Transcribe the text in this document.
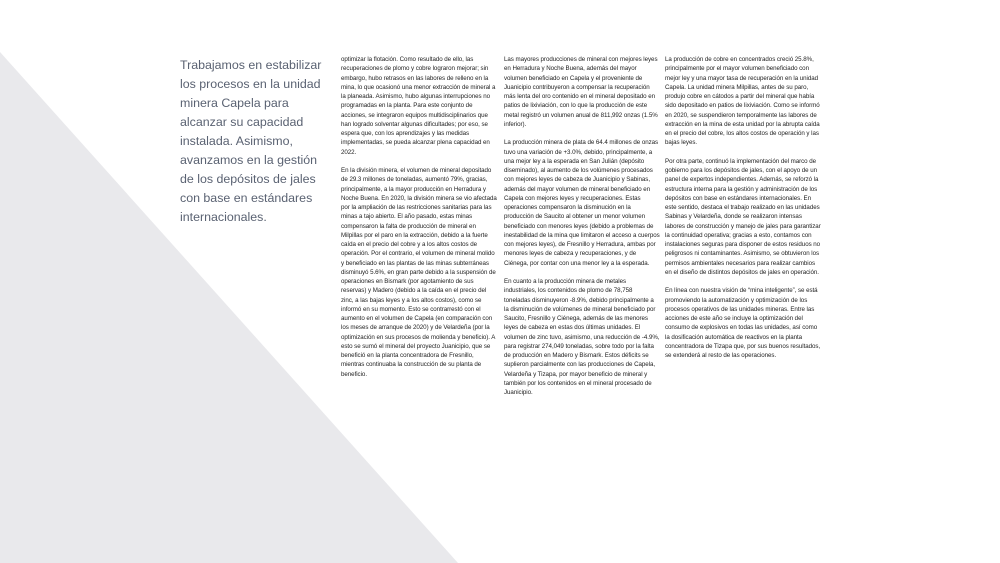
Trabajamos en estabilizar los procesos en la unidad minera Capela para alcanzar su capacidad instalada. Asimismo, avanzamos en la gestión de los depósitos de jales con base en estándares internacionales.

optimizar la flotación. Como resultado de ello, las recuperaciones de plomo y cobre lograron mejorar; sin embargo, hubo retrasos en las labores de relleno en la mina, lo que ocasionó una menor extracción de mineral a la planeada. Asimismo, hubo algunas interrupciones no programadas en la planta. Para este conjunto de acciones, se integraron equipos multidisciplinarios que han logrado solventar algunas dificultades; por eso, se espera que, con los aprendizajes y las medidas implementadas, se pueda alcanzar plena capacidad en 2022.

En la división minera, el volumen de mineral depositado de 29.3 millones de toneladas, aumentó 79%, gracias, principalmente, a la mayor producción en Herradura y Noche Buena. En 2020, la división minera se vio afectada por la ampliación de las restricciones sanitarias para las minas a tajo abierto. El año pasado, estas minas compensaron la falta de producción de mineral en Milpillas por el paro en la extracción, debido a la fuerte caída en el precio del cobre y a los altos costos de operación. Por el contrario, el volumen de mineral molido y beneficiado en las plantas de las minas subterráneas disminuyó 5.6%, en gran parte debido a la suspensión de operaciones en Bismark (por agotamiento de sus reservas) y Madero (debido a la caída en el precio del zinc, a las bajas leyes y a los altos costos), como se informó en su momento. Esto se contrarrestó con el aumento en el volumen de Capela (en comparación con los meses de arranque de 2020) y de Velardeña (por la optimización en sus procesos de molienda y beneficio). A esto se sumó el mineral del proyecto Juanicipio, que se benefició en la planta concentradora de Fresnillo, mientras continuaba la construcción de su planta de beneficio.

Las mayores producciones de mineral con mejores leyes en Herradura y Noche Buena, además del mayor volumen beneficiado en Capela y el proveniente de Juanicipio contribuyeron a compensar la recuperación más lenta del oro contenido en el mineral depositado en patios de lixiviación, con lo que la producción de este metal registró un volumen anual de 811,992 onzas (1.5% inferior).

La producción minera de plata de 64.4 millones de onzas tuvo una variación de +3.0%, debido, principalmente, a una mejor ley a la esperada en San Julián (depósito diseminado), al aumento de los volúmenes procesados con mejores leyes de cabeza de Juanicipio y Sabinas, además del mayor volumen de mineral beneficiado en Capela con mejores leyes y recuperaciones. Estas operaciones compensaron la disminución en la producción de Saucito al obtener un menor volumen beneficiado con menores leyes (debido a problemas de inestabilidad de la mina que limitaron el acceso a cuerpos con mejores leyes), de Fresnillo y Herradura, ambas por menores leyes de cabeza y recuperaciones, y de Ciénega, por contar con una menor ley a la esperada.

En cuanto a la producción minera de metales industriales, los contenidos de plomo de 78,758 toneladas disminuyeron -8.9%, debido principalmente a la disminución de volúmenes de mineral beneficiado por Saucito, Fresnillo y Ciénega, además de las menores leyes de cabeza en estas dos últimas unidades. El volumen de zinc tuvo, asimismo, una reducción de -4.9%, para registrar 274,049 toneladas, sobre todo por la falta de producción en Madero y Bismark. Estos déficits se suplieron parcialmente con las producciones de Capela, Velardeña y Tizapa, por mayor beneficio de mineral y también por los contenidos en el mineral procesado de Juanicipio.

La producción de cobre en concentrados creció 25.8%, principalmente por el mayor volumen beneficiado con mejor ley y una mayor tasa de recuperación en la unidad Capela. La unidad minera Milpillas, antes de su paro, produjo cobre en cátodos a partir del mineral que había sido depositado en patios de lixiviación. Como se informó en 2020, se suspendieron temporalmente las labores de extracción en la mina de esta unidad por la abrupta caída en el precio del cobre, los altos costos de operación y las bajas leyes.

Por otra parte, continuó la implementación del marco de gobierno para los depósitos de jales, con el apoyo de un panel de expertos independientes. Además, se reforzó la estructura interna para la gestión y administración de los depósitos con base en estándares internacionales. En este sentido, destaca el trabajo realizado en las unidades Sabinas y Velardeña, donde se realizaron intensas labores de construcción y manejo de jales para garantizar la continuidad operativa; gracias a esto, contamos con instalaciones seguras para disponer de estos residuos no peligrosos ni contaminantes. Asimismo, se obtuvieron los permisos ambientales necesarios para realizar cambios en el diseño de distintos depósitos de jales en operación.

En línea con nuestra visión de “mina inteligente”, se está promoviendo la automatización y optimización de los procesos operativos de las unidades mineras. Entre las acciones de este año se incluye la optimización del consumo de explosivos en todas las unidades, así como la dosificación automática de reactivos en la planta concentradora de Tizapa que, por sus buenos resultados, se extenderá al resto de las operaciones.
